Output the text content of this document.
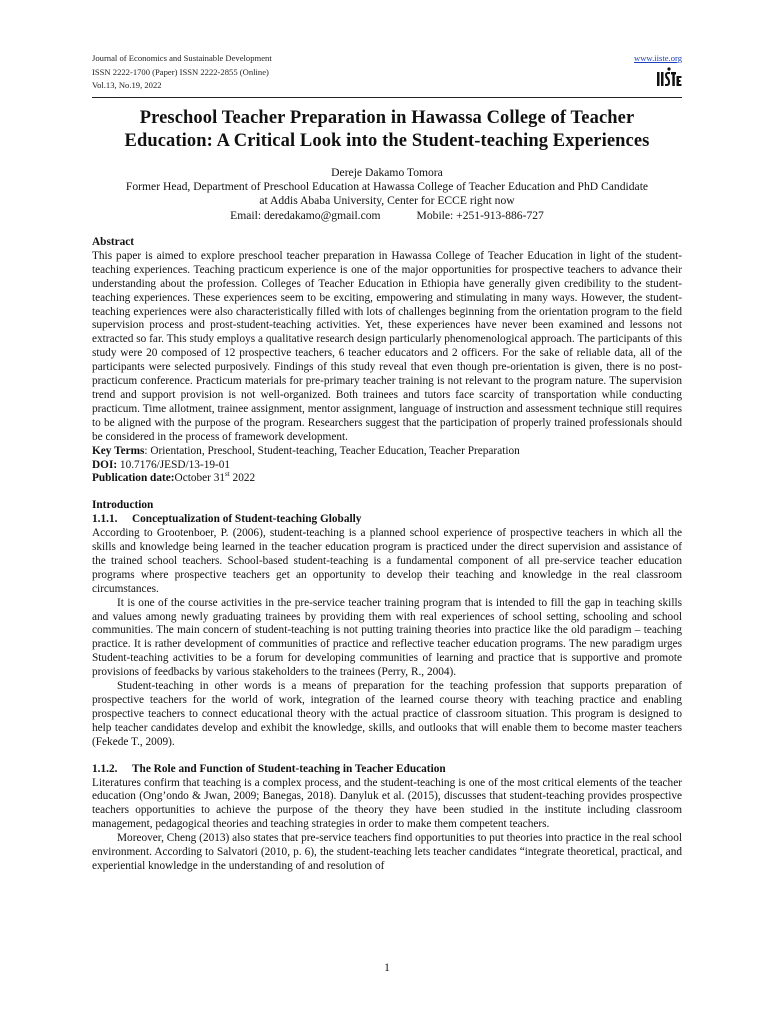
Journal of Economics and Sustainable Development
ISSN 2222-1700 (Paper) ISSN 2222-2855 (Online)
Vol.13, No.19, 2022
www.iiste.org
Preschool Teacher Preparation in Hawassa College of Teacher
Education: A Critical Look into the Student-teaching Experiences
Dereje Dakamo Tomora
Former Head, Department of Preschool Education at Hawassa College of Teacher Education and PhD Candidate
at Addis Ababa University, Center for ECCE right now
Email: deredakamo@gmail.com	Mobile: +251-913-886-727

Abstract

This paper is aimed to explore preschool teacher preparation in Hawassa College of Teacher Education in light of the student-teaching experiences. Teaching practicum experience is one of the major opportunities for prospective teachers to advance their understanding about the profession. Colleges of Teacher Education in Ethiopia have generally given credibility to the student-teaching experiences. These experiences seem to be exciting, empowering and stimulating in many ways. However, the student-teaching experiences were also characteristically filled with lots of challenges beginning from the orientation program to the field supervision process and prost-student-teaching activities. Yet, these experiences have never been examined and lessons not extracted so far. This study employs a qualitative research design particularly phenomenological approach. The participants of this study were 20 composed of 12 prospective teachers, 6 teacher educators and 2 officers. For the sake of reliable data, all of the participants were selected purposively. Findings of this study reveal that even though pre-orientation is given, there is no post-practicum conference. Practicum materials for pre-primary teacher training is not relevant to the program nature. The supervision trend and support provision is not well-organized. Both trainees and tutors face scarcity of transportation while conducting practicum. Time allotment, trainee assignment, mentor assignment, language of instruction and assessment technique still requires to be aligned with the purpose of the program. Researchers suggest that the participation of properly trained professionals should be considered in the process of framework development.

Key Terms: Orientation, Preschool, Student-teaching, Teacher Education, Teacher Preparation

DOI: 10.7176/JESD/13-19-01

Publication date:October 31st 2022

Introduction

1.1.1. Conceptualization of Student-teaching Globally

According to Grootenboer, P. (2006), student-teaching is a planned school experience of prospective teachers in which all the skills and knowledge being learned in the teacher education program is practiced under the direct supervision and assistance of the trained school teachers. School-based student-teaching is a fundamental component of all pre-service teacher education programs where prospective teachers get an opportunity to develop their teaching and knowledge in the real classroom circumstances.

It is one of the course activities in the pre-service teacher training program that is intended to fill the gap in teaching skills and values among newly graduating trainees by providing them with real experiences of school setting, schooling and school communities. The main concern of student-teaching is not putting training theories into practice like the old paradigm – teaching practice. It is rather development of communities of practice and reflective teacher education programs. The new paradigm urges Student-teaching activities to be a forum for developing communities of learning and practice that is supportive and promote provisions of feedbacks by various stakeholders to the trainees (Perry, R., 2004).

Student-teaching in other words is a means of preparation for the teaching profession that supports preparation of prospective teachers for the world of work, integration of the learned course theory with teaching practice and enabling prospective teachers to connect educational theory with the actual practice of classroom situation. This program is designed to help teacher candidates develop and exhibit the knowledge, skills, and outlooks that will enable them to become master teachers (Fekede T., 2009).

1.1.2. The Role and Function of Student-teaching in Teacher Education

Literatures confirm that teaching is a complex process, and the student-teaching is one of the most critical elements of the teacher education (Ong’ondo & Jwan, 2009; Banegas, 2018). Danyluk et al. (2015), discusses that student-teaching provides prospective teachers opportunities to achieve the purpose of the theory they have been studied in the institute including classroom management, pedagogical theories and teaching strategies in order to make them competent teachers.

Moreover, Cheng (2013) also states that pre-service teachers find opportunities to put theories into practice in the real school environment. According to Salvatori (2010, p. 6), the student-teaching lets teacher candidates “integrate theoretical, practical, and experiential knowledge in the understanding of and resolution of

1
